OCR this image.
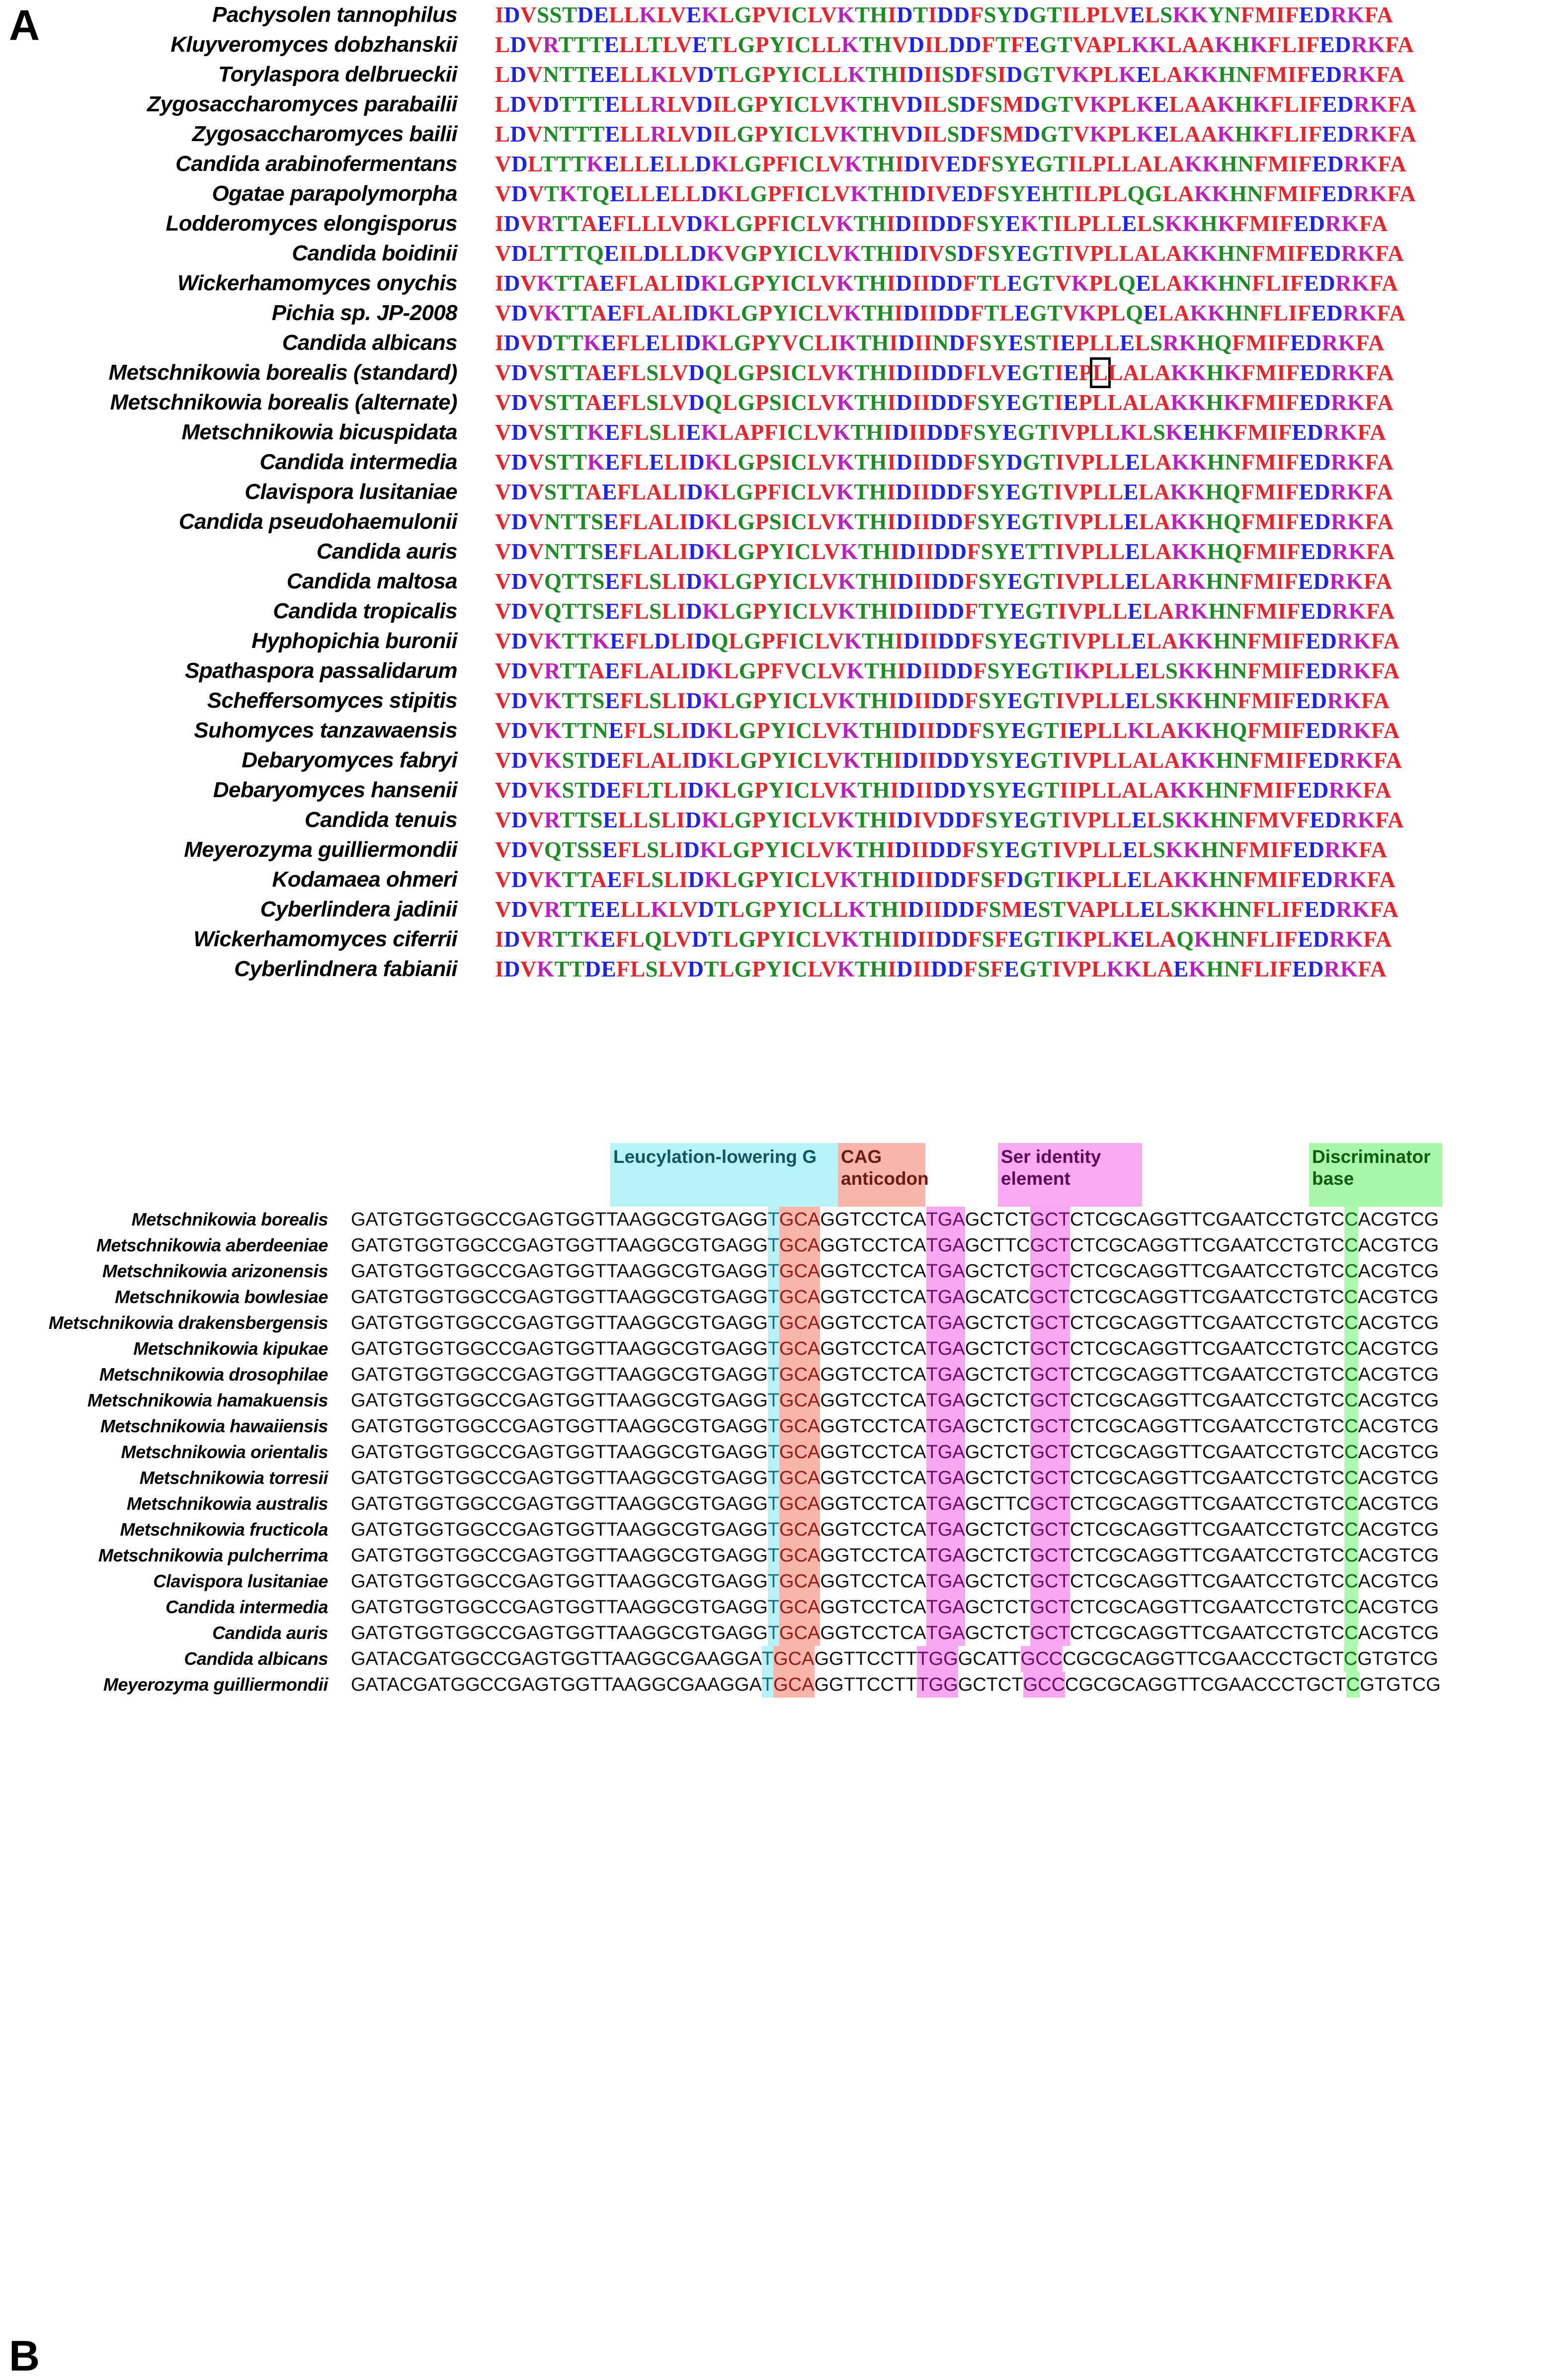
A	Pachysolen tannophilus IDVSSTDELLKLVEKLGPVICLVKTHIDTIDDFSYDGTILPLVELSKKYNFMIFEDRKFA
Kluyveromyces dobzhanskii LDVRTTTELLTLVETLGPYICLLKTHVDILDDFTFEGTVAPLKKLAAKHKFLIFEDRKFA
Torylaspora delbrueckii LDVNTTEELLKLVDTLGPYICLLKTHIDIISDFSIDGTVKPLKELAKKHNFMIFEDRKFA
Zygosaccharomyces parabailii LDVDTTTELLRLVDILGPYICLVKTHVDILSDFSMDGTVKPLKELAAKHKFLIFEDRKFA
Zygosaccharomyces bailii LDVNTTTELLRLVDILGPYICLVKTHVDILSDFSMDGTVKPLKELAAKHKFLIFEDRKFA
Candida arabinofermentans VDLTTTKELLELLDKLGPFICLVKTHIDIVEDFSYEGTILPLLALAKKHNFMIFEDRKFA
Ogatae parapolymorpha VDVTKTQELLELLDKLGPFICLVKTHIDIVEDFSYEHTILPLQGLAKKHNFMIFEDRKFA
Lodderomyces elongisporus IDVRTTAEFLLLVDKLGPFICLVKTHIDIIDDFSYEKTILPLLELSKKHKFMIFEDRKFA
Candida boidinii VDLTTTQEILDLLDKVGPYICLVKTHIDIVSDFSYEGTIVPLLALAKKHNFMIFEDRKFA
Wickerhamomyces onychis IDVKTTAEFLALIDKLGPYICLVKTHIDIIDDFTLEGTVKPLQELAKKHNFLIFEDRKFA
Pichia sp. JP-2008 VDVKTTAEFLALIDKLGPYICLVKTHIDIIDDFTLEGTVKPLQELAKKHNFLIFEDRKFA
Candida albicans IDVDTTKEFLELIDKLGPYVCLIKTHIDIINDFSYESTIEPLLELSRKHQFMIFEDRKFA
Metschnikowia borealis (standard) VDVSTTAEFLSLVDQLGPSICLVKTHIDIIDDFLVEGTIEPLLALAKKHKFMIFEDRKFA
Metschnikowia borealis (alternate) VDVSTTAEFLSLVDQLGPSICLVKTHIDIIDDFSYEGTIEPLLALAKKHKFMIFEDRKFA
Metschnikowia bicuspidata VDVSTTKEFLSLIEKLAPFICLVKTHIDIIDDFSYEGTIVPLLKLSKEHKFMIFEDRKFA
Candida intermedia VDVSTTKEFLELIDKLGPSICLVKTHIDIIDDFSYDGTIVPLLELAKKHNFMIFEDRKFA
Clavispora lusitaniae VDVSTTAEFLALIDKLGPFICLVKTHIDIIDDFSYEGTIVPLLELAKKHQFMIFEDRKFA
Candida pseudohaemulonii VDVNTTSEFLALIDKLGPSICLVKTHIDIIDDFSYEGTIVPLLELAKKHQFMIFEDRKFA
Candida auris VDVNTTSEFLALIDKLGPYICLVKTHIDIIDDFSYETTIVPLLELAKKHQFMIFEDRKFA
Candida maltosa VDVQTTSEFLSLIDKLGPYICLVKTHIDIIDDFSYEGTIVPLLELARKHNFMIFEDRKFA
Candida tropicalis VDVQTTSEFLSLIDKLGPYICLVKTHIDIIDDFTYEGTIVPLLELARKHNFMIFEDRKFA
Hyphopichia buronii VDVKTTKEFLDLIDQLGPFICLVKTHIDIIDDFSYEGTIVPLLELAKKHNFMIFEDRKFA
Spathaspora passalidarum VDVRTTAEFLALIDKLGPFVCLVKTHIDIIDDFSYEGTIKPLLELSKKHNFMIFEDRKFA
Scheffersomyces stipitis VDVKTTSEFLSLIDKLGPYICLVKTHIDIIDDFSYEGTIVPLLELSKKHNFMIFEDRKFA
Suhomyces tanzawaensis VDVKTTNEFLSLIDKLGPYICLVKTHIDIIDDFSYEGTIEPLLKLAKKHQFMIFEDRKFA
Debaryomyces fabryi VDVKSTDEFLALIDKLGPYICLVKTHIDIIDDYSYEGTIVPLLALAKKHNFMIFEDRKFA
Debaryomyces hansenii VDVKSTDEFLTLIDKLGPYICLVKTHIDIIDDYSYEGTIIPLLALAKKHNFMIFEDRKFA
Candida tenuis VDVRTTSELLSLIDKLGPYICLVKTHIDIVDDFSYEGTIVPLLELSKKHNFMVFEDRKFA
Meyerozyma guilliermondii VDVQTSSEFLSLIDKLGPYICLVKTHIDIIDDFSYEGTIVPLLELSKKHNFMIFEDRKFA
Kodamaea ohmeri VDVKTTAEFLSLIDKLGPYICLVKTHIDIIDDFSFDGTIKPLLELAKKHNFMIFEDRKFA
Cyberlindera jadinii VDVRTTEELLKLVDTLGPYICLLKTHIDIIDDFSMESTVAPLLELSKKHNFLIFEDRKFA
Wickerhamomyces ciferrii IDVRTTKEFLQLVDTLGPYICLVKTHIDIIDDFSFEGTIKPLKELAQKHNFLIFEDRKFA
Cyberlindnera fabianii IDVKTTDEFLSLVDTLGPYICLVKTHIDIIDDFSFEGTIVPLKKLAEKHNFLIFEDRKFA
B
Leucylation-lowering G	CAG
anticodon
Ser identity
element
Discriminator
base
Metschnikowia borealis GATGTGGTGGCCGAGTGGTTAAGGCGTGAGGTGCAGGTCCTCATGAGCTCTGCTCTCGCAGGTTCGAATCCTGTCCACGTCG
Metschnikowia aberdeeniae GATGTGGTGGCCGAGTGGTTAAGGCGTGAGGTGCAGGTCCTCATGAGCTTCGCTCTCGCAGGTTCGAATCCTGTCCACGTCG
Metschnikowia arizonensis GATGTGGTGGCCGAGTGGTTAAGGCGTGAGGTGCAGGTCCTCATGAGCTCTGCTCTCGCAGGTTCGAATCCTGTCCACGTCG
Metschnikowia bowlesiae GATGTGGTGGCCGAGTGGTTAAGGCGTGAGGTGCAGGTCCTCATGAGCATCGCTCTCGCAGGTTCGAATCCTGTCCACGTCG
Metschnikowia drakensbergensis GATGTGGTGGCCGAGTGGTTAAGGCGTGAGGTGCAGGTCCTCATGAGCTCTGCTCTCGCAGGTTCGAATCCTGTCCACGTCG
Metschnikowia kipukae GATGTGGTGGCCGAGTGGTTAAGGCGTGAGGTGCAGGTCCTCATGAGCTCTGCTCTCGCAGGTTCGAATCCTGTCCACGTCG
Metschnikowia drosophilae GATGTGGTGGCCGAGTGGTTAAGGCGTGAGGTGCAGGTCCTCATGAGCTCTGCTCTCGCAGGTTCGAATCCTGTCCACGTCG
Metschnikowia hamakuensis GATGTGGTGGCCGAGTGGTTAAGGCGTGAGGTGCAGGTCCTCATGAGCTCTGCTCTCGCAGGTTCGAATCCTGTCCACGTCG
Metschnikowia hawaiiensis GATGTGGTGGCCGAGTGGTTAAGGCGTGAGGTGCAGGTCCTCATGAGCTCTGCTCTCGCAGGTTCGAATCCTGTCCACGTCG
Metschnikowia orientalis GATGTGGTGGCCGAGTGGTTAAGGCGTGAGGTGCAGGTCCTCATGAGCTCTGCTCTCGCAGGTTCGAATCCTGTCCACGTCG
Metschnikowia torresii GATGTGGTGGCCGAGTGGTTAAGGCGTGAGGTGCAGGTCCTCATGAGCTCTGCTCTCGCAGGTTCGAATCCTGTCCACGTCG
Metschnikowia australis GATGTGGTGGCCGAGTGGTTAAGGCGTGAGGTGCAGGTCCTCATGAGCTTCGCTCTCGCAGGTTCGAATCCTGTCCACGTCG
Metschnikowia fructicola GATGTGGTGGCCGAGTGGTTAAGGCGTGAGGTGCAGGTCCTCATGAGCTCTGCTCTCGCAGGTTCGAATCCTGTCCACGTCG
Metschnikowia pulcherrima GATGTGGTGGCCGAGTGGTTAAGGCGTGAGGTGCAGGTCCTCATGAGCTCTGCTCTCGCAGGTTCGAATCCTGTCCACGTCG
Clavispora lusitaniae GATGTGGTGGCCGAGTGGTTAAGGCGTGAGGTGCAGGTCCTCATGAGCTCTGCTCTCGCAGGTTCGAATCCTGTCCACGTCG
Candida intermedia GATGTGGTGGCCGAGTGGTTAAGGCGTGAGGTGCAGGTCCTCATGAGCTCTGCTCTCGCAGGTTCGAATCCTGTCCACGTCG
Candida auris GATGTGGTGGCCGAGTGGTTAAGGCGTGAGGTGCAGGTCCTCATGAGCTCTGCTCTCGCAGGTTCGAATCCTGTCCACGTCG
Candida albicans GATACGATGGCCGAGTGGTTAAGGCGAAGGATGCAGGTTCCTTTGGGCATTGCCCGCGCAGGTTCGAACCCTGCTCGTGTCG
Meyerozyma guilliermondii GATACGATGGCCGAGTGGTTAAGGCGAAGGATGCAGGTTCCTTTGGGCTCTGCCCGCGCAGGTTCGAACCCTGCTCGTGTCG
